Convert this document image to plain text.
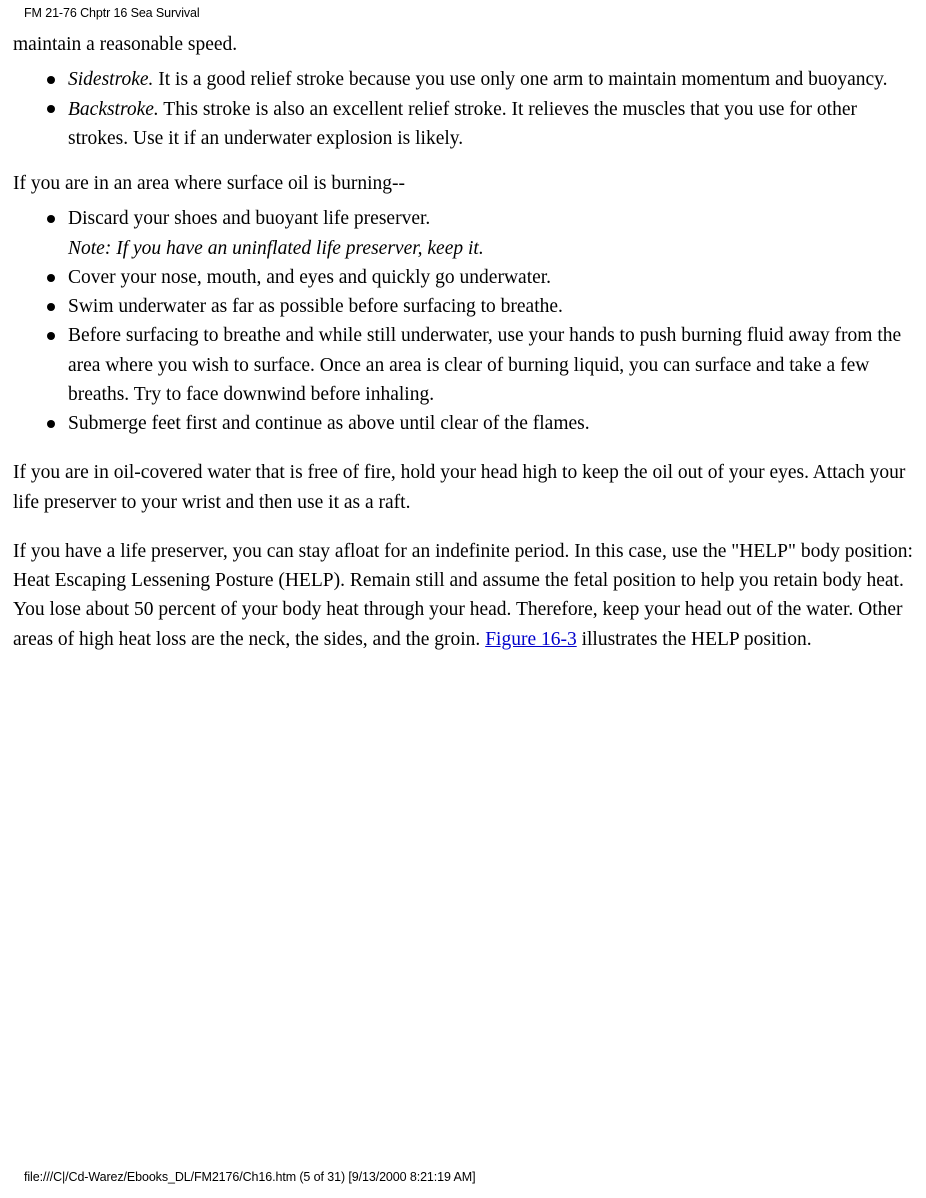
FM 21-76 Chptr 16 Sea Survival

maintain a reasonable speed.

Sidestroke. It is a good relief stroke because you use only one arm to maintain momentum and buoyancy.
Backstroke. This stroke is also an excellent relief stroke. It relieves the muscles that you use for other strokes. Use it if an underwater explosion is likely.

If you are in an area where surface oil is burning--

Discard your shoes and buoyant life preserver.
Note: If you have an uninflated life preserver, keep it.
Cover your nose, mouth, and eyes and quickly go underwater.
Swim underwater as far as possible before surfacing to breathe.
Before surfacing to breathe and while still underwater, use your hands to push burning fluid away from the area where you wish to surface. Once an area is clear of burning liquid, you can surface and take a few breaths. Try to face downwind before inhaling.
Submerge feet first and continue as above until clear of the flames.

If you are in oil-covered water that is free of fire, hold your head high to keep the oil out of your eyes. Attach your life preserver to your wrist and then use it as a raft.

If you have a life preserver, you can stay afloat for an indefinite period. In this case, use the "HELP" body position: Heat Escaping Lessening Posture (HELP). Remain still and assume the fetal position to help you retain body heat. You lose about 50 percent of your body heat through your head. Therefore, keep your head out of the water. Other areas of high heat loss are the neck, the sides, and the groin. Figure 16-3 illustrates the HELP position.

file:///C|/Cd-Warez/Ebooks_DL/FM2176/Ch16.htm (5 of 31) [9/13/2000 8:21:19 AM]
